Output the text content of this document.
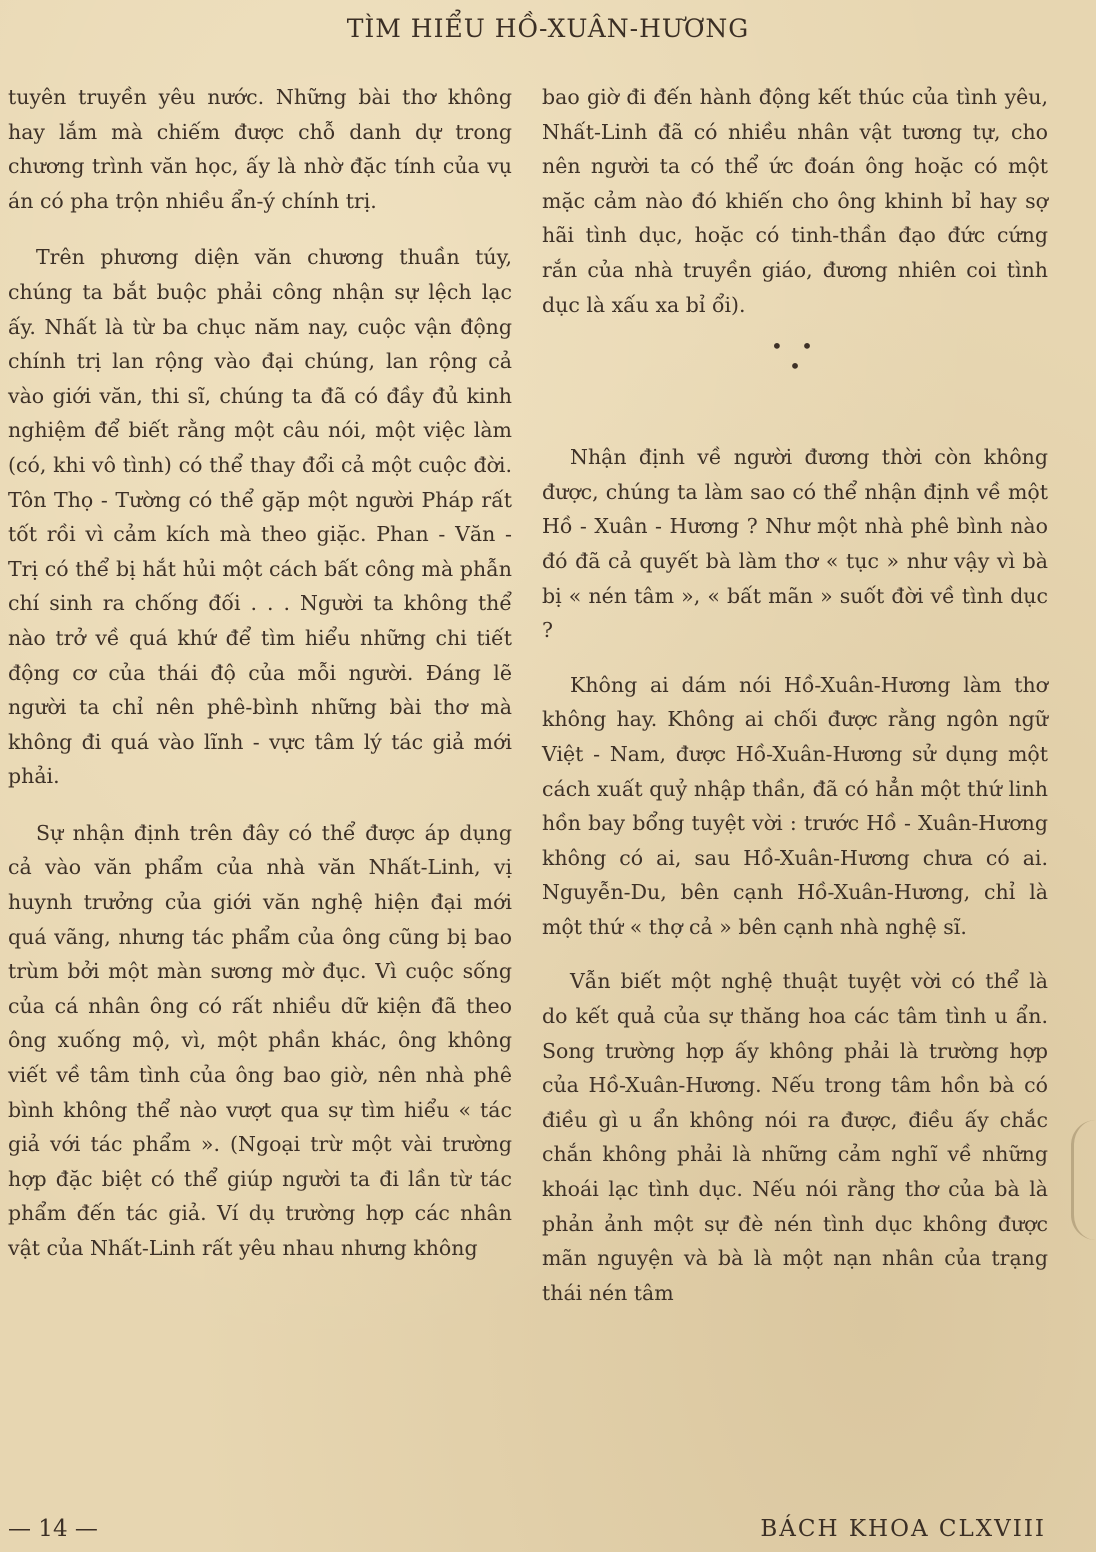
TÌM HIỂU HỒ-XUÂN-HƯƠNG

tuyên truyền yêu nước. Những bài thơ không hay lắm mà chiếm được chỗ danh dự trong chương trình văn học, ấy là nhờ đặc tính của vụ án có pha trộn nhiều ẩn-ý chính trị.

Trên phương diện văn chương thuần túy, chúng ta bắt buộc phải công nhận sự lệch lạc ấy. Nhất là từ ba chục năm nay, cuộc vận động chính trị lan rộng vào đại chúng, lan rộng cả vào giới văn, thi sĩ, chúng ta đã có đầy đủ kinh nghiệm để biết rằng một câu nói, một việc làm (có, khi vô tình) có thể thay đổi cả một cuộc đời. Tôn Thọ - Tường có thể gặp một người Pháp rất tốt rồi vì cảm kích mà theo giặc. Phan - Văn - Trị có thể bị hắt hủi một cách bất công mà phẫn chí sinh ra chống đối . . . Người ta không thể nào trở về quá khứ để tìm hiểu những chi tiết động cơ của thái độ của mỗi người. Đáng lẽ người ta chỉ nên phê-bình những bài thơ mà không đi quá vào lĩnh - vực tâm lý tác giả mới phải.

Sự nhận định trên đây có thể được áp dụng cả vào văn phẩm của nhà văn Nhất-Linh, vị huynh trưởng của giới văn nghệ hiện đại mới quá vãng, nhưng tác phẩm của ông cũng bị bao trùm bởi một màn sương mờ đục. Vì cuộc sống của cá nhân ông có rất nhiều dữ kiện đã theo ông xuống mộ, vì, một phần khác, ông không viết về tâm tình của ông bao giờ, nên nhà phê bình không thể nào vượt qua sự tìm hiểu « tác giả với tác phẩm ». (Ngoại trừ một vài trường hợp đặc biệt có thể giúp người ta đi lần từ tác phẩm đến tác giả. Ví dụ trường hợp các nhân vật của Nhất-Linh rất yêu nhau nhưng không

bao giờ đi đến hành động kết thúc của tình yêu, Nhất-Linh đã có nhiều nhân vật tương tự, cho nên người ta có thể ức đoán ông hoặc có một mặc cảm nào đó khiến cho ông khinh bỉ hay sợ hãi tình dục, hoặc có tinh-thần đạo đức cứng rắn của nhà truyền giáo, đương nhiên coi tình dục là xấu xa bỉ ổi).

• •
•

Nhận định về người đương thời còn không được, chúng ta làm sao có thể nhận định về một Hồ - Xuân - Hương ? Như một nhà phê bình nào đó đã cả quyết bà làm thơ « tục » như vậy vì bà bị « nén tâm », « bất mãn » suốt đời về tình dục ?

Không ai dám nói Hồ-Xuân-Hương làm thơ không hay. Không ai chối được rằng ngôn ngữ Việt - Nam, được Hồ-Xuân-Hương sử dụng một cách xuất quỷ nhập thần, đã có hẳn một thứ linh hồn bay bổng tuyệt vời : trước Hồ - Xuân-Hương không có ai, sau Hồ-Xuân-Hương chưa có ai. Nguyễn-Du, bên cạnh Hồ-Xuân-Hương, chỉ là một thứ « thợ cả » bên cạnh nhà nghệ sĩ.

Vẫn biết một nghệ thuật tuyệt vời có thể là do kết quả của sự thăng hoa các tâm tình u ẩn. Song trường hợp ấy không phải là trường hợp của Hồ-Xuân-Hương. Nếu trong tâm hồn bà có điều gì u ẩn không nói ra được, điều ấy chắc chắn không phải là những cảm nghĩ về những khoái lạc tình dục. Nếu nói rằng thơ của bà là phản ảnh một sự đè nén tình dục không được mãn nguyện và bà là một nạn nhân của trạng thái nén tâm

— 14 —	BÁCH KHOA CLXVIII
